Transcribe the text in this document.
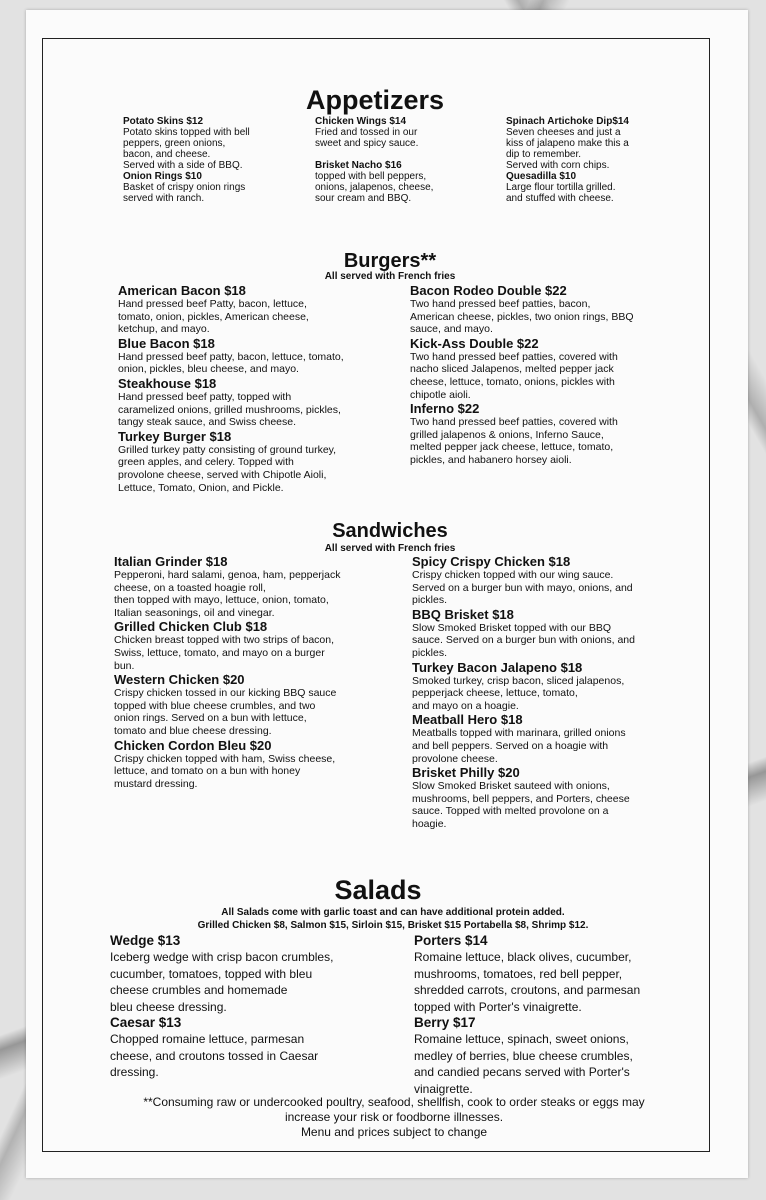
Appetizers
Potato Skins $12
Potato skins topped with bell
peppers, green onions,
bacon, and cheese.
Served with a side of BBQ.
Onion Rings $10
Basket of crispy onion rings
served with ranch.
Chicken Wings $14
Fried and tossed in our
sweet and spicy sauce.
Brisket Nacho $16
topped with bell peppers,
onions, jalapenos, cheese,
sour cream and BBQ.
Spinach Artichoke Dip$14
Seven cheeses and just a
kiss of jalapeno make this a
dip to remember.
Served with corn chips.
Quesadilla $10
Large flour tortilla grilled.
and stuffed with cheese.
Burgers**
All served with French fries
American Bacon $18
Hand pressed beef Patty, bacon, lettuce,
tomato, onion, pickles, American cheese,
ketchup, and mayo.
Blue Bacon $18
Hand pressed beef patty, bacon, lettuce, tomato,
onion, pickles, bleu cheese, and mayo.
Steakhouse $18
Hand pressed beef patty, topped with
caramelized onions, grilled mushrooms, pickles,
tangy steak sauce, and Swiss cheese.
Turkey Burger $18
Grilled turkey patty consisting of ground turkey,
green apples, and celery. Topped with
provolone cheese, served with Chipotle Aioli,
Lettuce, Tomato, Onion, and Pickle.
Bacon Rodeo Double $22
Two hand pressed beef patties, bacon,
American cheese, pickles, two onion rings, BBQ
sauce, and mayo.
Kick-Ass Double $22
Two hand pressed beef patties, covered with
nacho sliced Jalapenos, melted pepper jack
cheese, lettuce, tomato, onions, pickles with
chipotle aioli.
Inferno $22
Two hand pressed beef patties, covered with
grilled jalapenos & onions, Inferno Sauce,
melted pepper jack cheese, lettuce, tomato,
pickles, and habanero horsey aioli.
Sandwiches
All served with French fries
Italian Grinder $18
Pepperoni, hard salami, genoa, ham, pepperjack
cheese, on a toasted hoagie roll,
then topped with mayo, lettuce, onion, tomato,
Italian seasonings, oil and vinegar.
Grilled Chicken Club $18
Chicken breast topped with two strips of bacon,
Swiss, lettuce, tomato, and mayo on a burger
bun.
Western Chicken $20
Crispy chicken tossed in our kicking BBQ sauce
topped with blue cheese crumbles, and two
onion rings. Served on a bun with lettuce,
tomato and blue cheese dressing.
Chicken Cordon Bleu $20
Crispy chicken topped with ham, Swiss cheese,
lettuce, and tomato on a bun with honey
mustard dressing.
Spicy Crispy Chicken $18
Crispy chicken topped with our wing sauce.
Served on a burger bun with mayo, onions, and
pickles.
BBQ Brisket $18
Slow Smoked Brisket topped with our BBQ
sauce. Served on a burger bun with onions, and
pickles.
Turkey Bacon Jalapeno $18
Smoked turkey, crisp bacon, sliced jalapenos,
pepperjack cheese, lettuce, tomato,
and mayo on a hoagie.
Meatball Hero $18
Meatballs topped with marinara, grilled onions
and bell peppers. Served on a hoagie with
provolone cheese.
Brisket Philly $20
Slow Smoked Brisket sauteed with onions,
mushrooms, bell peppers, and Porters, cheese
sauce. Topped with melted provolone on a
hoagie.
Salads
All Salads come with garlic toast and can have additional protein added.
Grilled Chicken $8, Salmon $15, Sirloin $15, Brisket $15 Portabella $8, Shrimp $12.
Wedge $13
Iceberg wedge with crisp bacon crumbles,
cucumber, tomatoes, topped with bleu
cheese crumbles and homemade
bleu cheese dressing.
Caesar $13
Chopped romaine lettuce, parmesan
cheese, and croutons tossed in Caesar
dressing.
Porters $14
Romaine lettuce, black olives, cucumber,
mushrooms, tomatoes, red bell pepper,
shredded carrots, croutons, and parmesan
topped with Porter's vinaigrette.
Berry $17
Romaine lettuce, spinach, sweet onions,
medley of berries, blue cheese crumbles,
and candied pecans served with Porter's
vinaigrette.
**Consuming raw or undercooked poultry, seafood, shellfish, cook to order steaks or eggs may
increase your risk or foodborne illnesses.
Menu and prices subject to change
